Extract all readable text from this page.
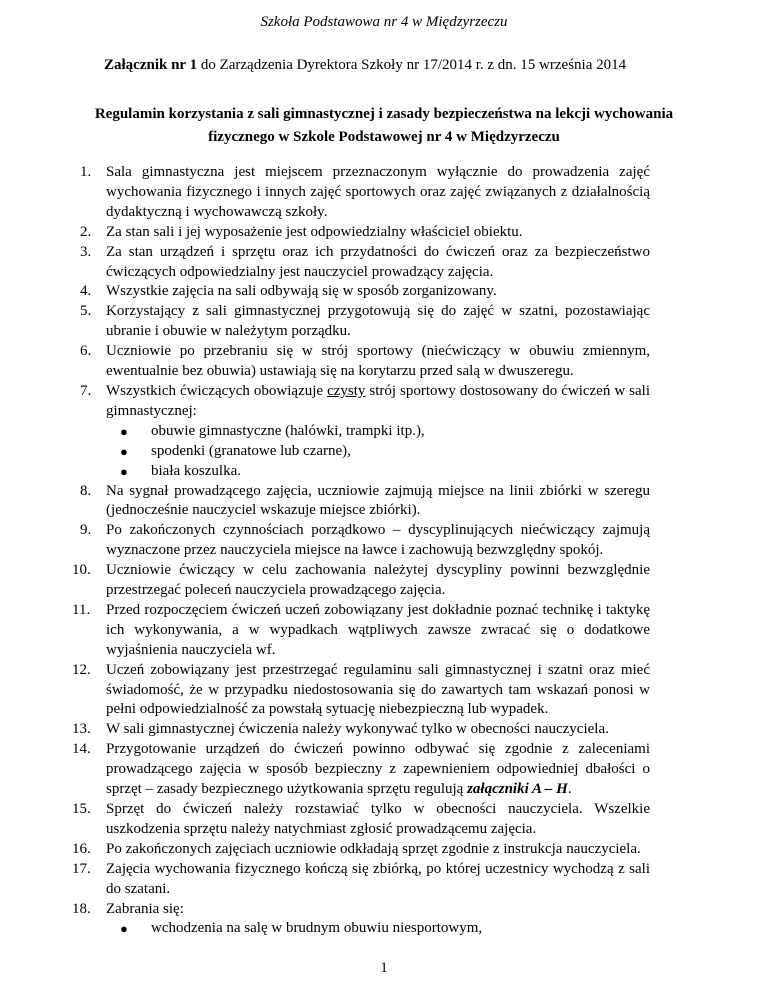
Szkoła Podstawowa nr 4 w Międzyrzeczu
Załącznik nr 1 do Zarządzenia Dyrektora Szkoły nr 17/2014 r. z dn. 15 września 2014
Regulamin korzystania z sali gimnastycznej i zasady bezpieczeństwa na lekcji wychowania fizycznego w Szkole Podstawowej nr 4 w Międzyrzeczu
1. Sala gimnastyczna jest miejscem przeznaczonym wyłącznie do prowadzenia zajęć wychowania fizycznego i innych zajęć sportowych oraz zajęć związanych z działalnością dydaktyczną i wychowawczą szkoły.
2. Za stan sali i jej wyposażenie jest odpowiedzialny właściciel obiektu.
3. Za stan urządzeń i sprzętu oraz ich przydatności do ćwiczeń oraz za bezpieczeństwo ćwiczących odpowiedzialny jest nauczyciel prowadzący zajęcia.
4. Wszystkie zajęcia na sali odbywają się w sposób zorganizowany.
5. Korzystający z sali gimnastycznej przygotowują się do zajęć w szatni, pozostawiając ubranie i obuwie w należytym porządku.
6. Uczniowie po przebraniu się w strój sportowy (niećwiczący w obuwiu zmiennym, ewentualnie bez obuwia) ustawiają się na korytarzu przed salą w dwuszeregu.
7. Wszystkich ćwiczących obowiązuje czysty strój sportowy dostosowany do ćwiczeń w sali gimnastycznej:
● obuwie gimnastyczne (halówki, trampki itp.),
● spodenki (granatowe lub czarne),
● biała koszulka.
8. Na sygnał prowadzącego zajęcia, uczniowie zajmują miejsce na linii zbiórki w szeregu (jednocześnie nauczyciel wskazuje miejsce zbiórki).
9. Po zakończonych czynnościach porządkowo – dyscyplinujących niećwiczący zajmują wyznaczone przez nauczyciela miejsce na ławce i zachowują bezwzględny spokój.
10.	Uczniowie ćwiczący w celu zachowania należytej dyscypliny powinni bezwzględnie przestrzegać poleceń nauczyciela prowadzącego zajęcia.
11.	Przed rozpoczęciem ćwiczeń uczeń zobowiązany jest dokładnie poznać technikę i taktykę ich wykonywania, a w wypadkach wątpliwych zawsze zwracać się o dodatkowe wyjaśnienia nauczyciela wf.
12.	Uczeń zobowiązany jest przestrzegać regulaminu sali gimnastycznej i szatni oraz mieć świadomość, że w przypadku niedostosowania się do zawartych tam wskazań ponosi w pełni odpowiedzialność za powstałą sytuację niebezpieczną lub wypadek.
13.	W sali gimnastycznej ćwiczenia należy wykonywać tylko w obecności nauczyciela.
14.	Przygotowanie urządzeń do ćwiczeń powinno odbywać się zgodnie z zaleceniami prowadzącego zajęcia w sposób bezpieczny z zapewnieniem odpowiedniej dbałości o sprzęt – zasady bezpiecznego użytkowania sprzętu regulują załączniki A – H.
15.	Sprzęt do ćwiczeń należy rozstawiać tylko w obecności nauczyciela. Wszelkie uszkodzenia sprzętu należy natychmiast zgłosić prowadzącemu zajęcia.
16.	Po zakończonych zajęciach uczniowie odkładają sprzęt zgodnie z instrukcja nauczyciela.
17.	Zajęcia wychowania fizycznego kończą się zbiórką, po której uczestnicy wychodzą z sali do szatani.
18.	Zabrania się:
● wchodzenia na salę w brudnym obuwiu niesportowym,
1
